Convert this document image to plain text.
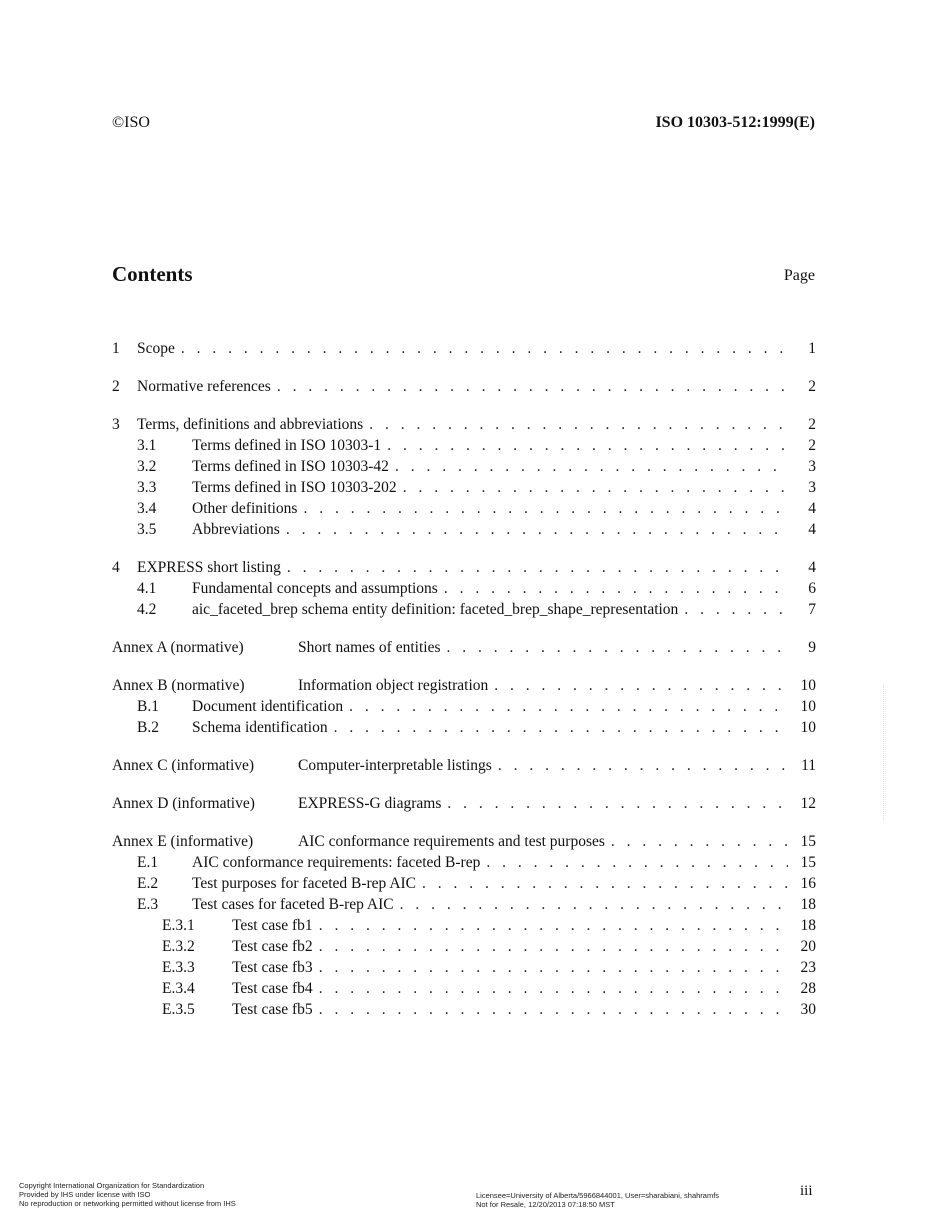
©ISO	ISO 10303-512:1999(E)
Contents	Page
1	Scope . . .	1
2	Normative references . . .	2
3	Terms, definitions and abbreviations . . .	2
3.1	Terms defined in ISO 10303-1 . . .	2
3.2	Terms defined in ISO 10303-42 . . .	3
3.3	Terms defined in ISO 10303-202 . . .	3
3.4	Other definitions . . .	4
3.5	Abbreviations . . .	4
4	EXPRESS short listing . . .	4
4.1	Fundamental concepts and assumptions . . .	6
4.2	aic_faceted_brep schema entity definition: faceted_brep_shape_representation . . .	7
Annex A (normative)	Short names of entities . . .	9
Annex B (normative)	Information object registration . . .	10
B.1	Document identification . . .	10
B.2	Schema identification . . .	10
Annex C (informative)	Computer-interpretable listings . . .	11
Annex D (informative)	EXPRESS-G diagrams . . .	12
Annex E (informative)	AIC conformance requirements and test purposes . . .	15
E.1	AIC conformance requirements: faceted B-rep . . .	15
E.2	Test purposes for faceted B-rep AIC . . .	16
E.3	Test cases for faceted B-rep AIC . . .	18
E.3.1	Test case fb1 . . .	18
E.3.2	Test case fb2 . . .	20
E.3.3	Test case fb3 . . .	23
E.3.4	Test case fb4 . . .	28
E.3.5	Test case fb5 . . .	30
Copyright International Organization for Standardization
Provided by IHS under license with ISO
No reproduction or networking permitted without license from IHS
Licensee=University of Alberta/5966844001, User=sharabiani, shahramfs
Not for Resale, 12/20/2013 07:18:50 MST
iii
